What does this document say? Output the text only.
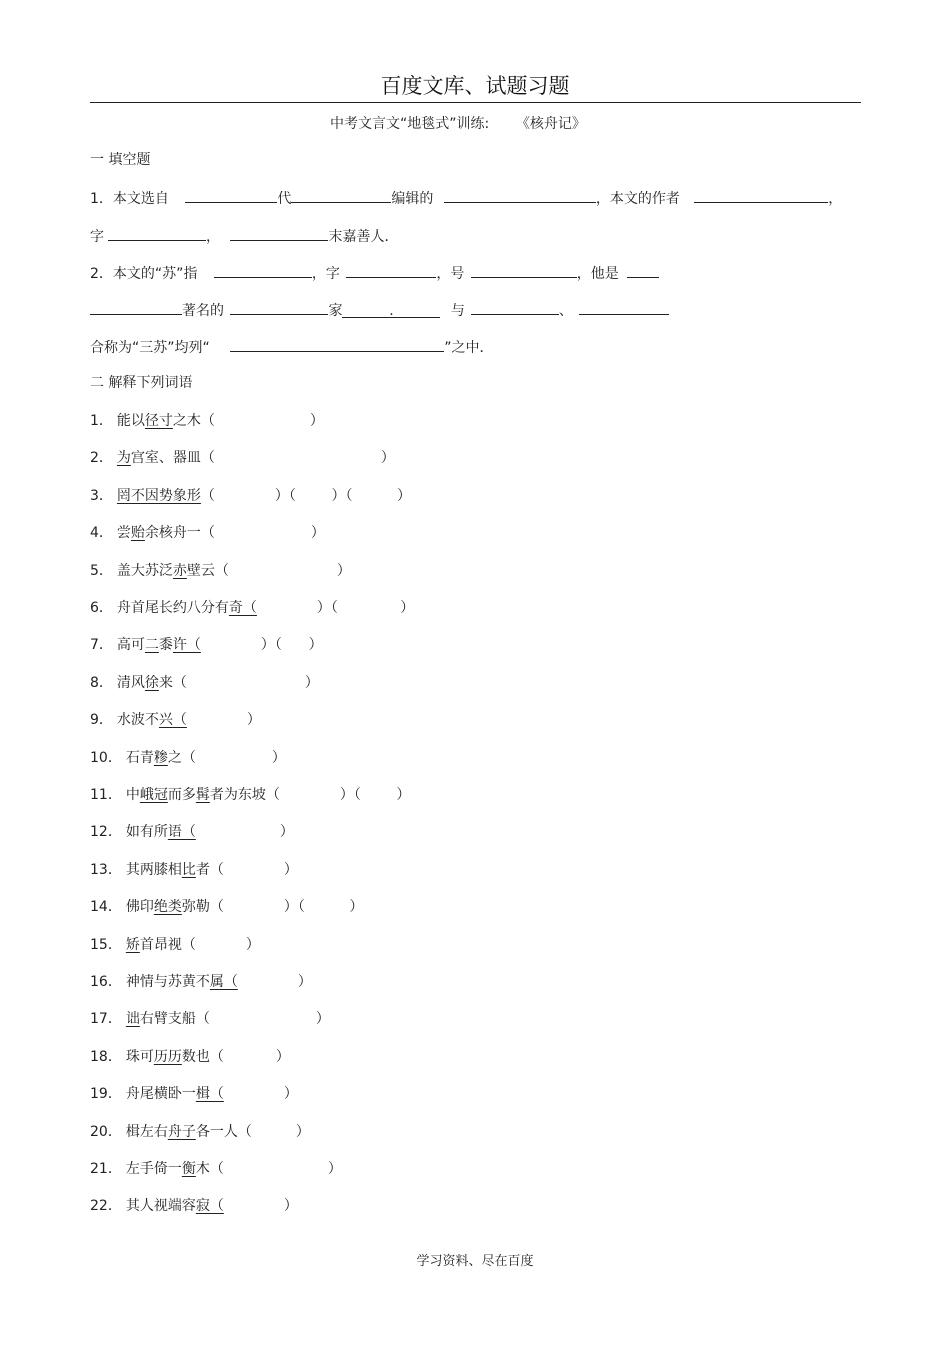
百度文库、试题习题
中考文言文“地毯式”训练:      《核舟记》
一 填空题
1．本文选自	代	编辑的	，本文的作者	，
字	，	末嘉善人．
2．本文的“苏”指	，字	，号	，他是
著名的	家	.	与	、
合称为“三苏”均列“	”之中．
二 解释下列词语
1． 能以径寸之木（	）
2． 为宫室、器皿（	）
3． 罔不因势象形（	）（        ）（          ）
4． 尝贻余核舟一（	）
5． 盖大苏泛赤壁云（	）
6． 舟首尾长约八分有奇（	）（              ）
7． 高可二黍许（	）（      ）
8． 清风徐来（	）
9． 水波不兴（	）
10． 石青糁之（	）
11． 中峨冠而多髯者为东坡（	）（        ）
12． 如有所语（	）
13． 其两膝相比者（	）
14． 佛印绝类弥勒（	）（          ）
15． 矫首昂视（	）
16． 神情与苏黄不属（	）
17． 诎右臂支船（	）
18． 珠可历历数也（	）
19． 舟尾横卧一楫（	）
20． 楫左右舟子各一人（	）
21． 左手倚一衡木（	）
22． 其人视端容寂（	）
学习资料、尽在百度
